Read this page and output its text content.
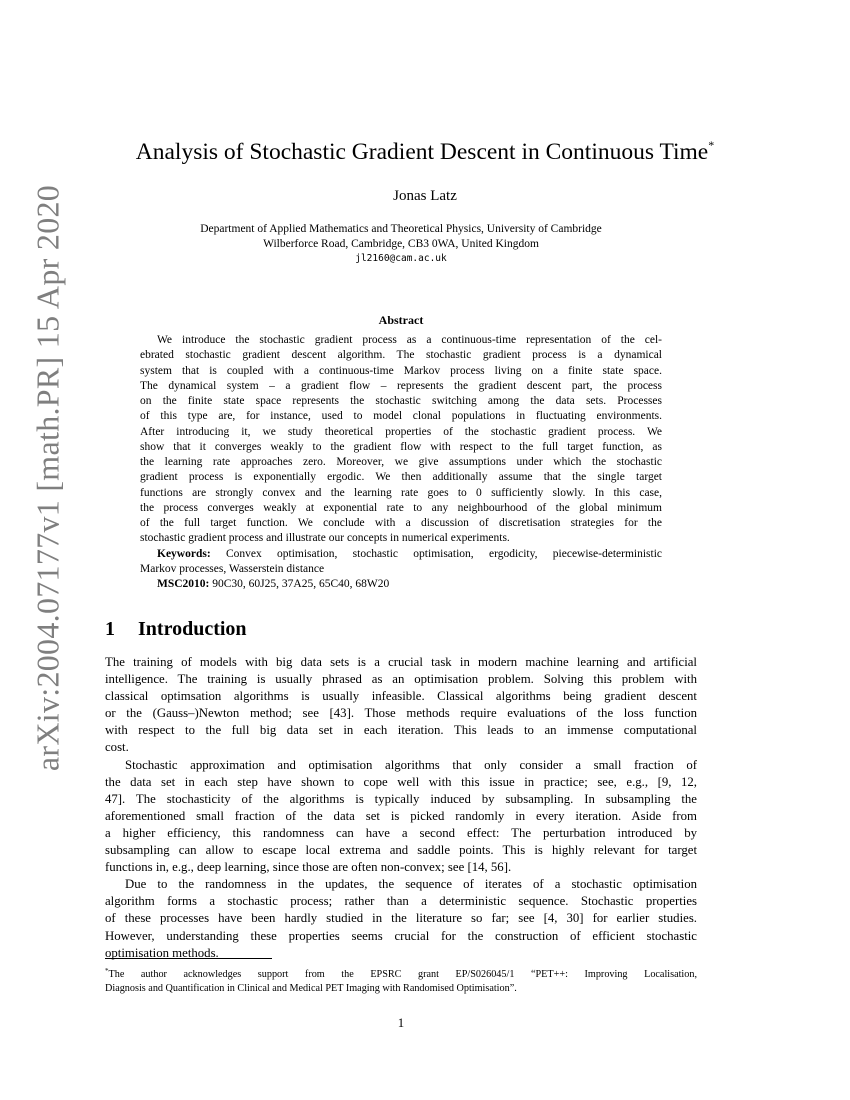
arXiv:2004.07177v1 [math.PR] 15 Apr 2020
Analysis of Stochastic Gradient Descent in Continuous Time*
Jonas Latz
Department of Applied Mathematics and Theoretical Physics, University of Cambridge
Wilberforce Road, Cambridge, CB3 0WA, United Kingdom
jl2160@cam.ac.uk
Abstract
We introduce the stochastic gradient process as a continuous-time representation of the cel-
ebrated stochastic gradient descent algorithm. The stochastic gradient process is a dynamical
system that is coupled with a continuous-time Markov process living on a finite state space.
The dynamical system – a gradient flow – represents the gradient descent part, the process
on the finite state space represents the stochastic switching among the data sets. Processes
of this type are, for instance, used to model clonal populations in fluctuating environments.
After introducing it, we study theoretical properties of the stochastic gradient process. We
show that it converges weakly to the gradient flow with respect to the full target function, as
the learning rate approaches zero. Moreover, we give assumptions under which the stochastic
gradient process is exponentially ergodic. We then additionally assume that the single target
functions are strongly convex and the learning rate goes to 0 sufficiently slowly. In this case,
the process converges weakly at exponential rate to any neighbourhood of the global minimum
of the full target function. We conclude with a discussion of discretisation strategies for the
stochastic gradient process and illustrate our concepts in numerical experiments.
Keywords: Convex optimisation, stochastic optimisation, ergodicity, piecewise-deterministic
Markov processes, Wasserstein distance
MSC2010: 90C30, 60J25, 37A25, 65C40, 68W20
1 Introduction
The training of models with big data sets is a crucial task in modern machine learning and artificial
intelligence. The training is usually phrased as an optimisation problem. Solving this problem with
classical optimsation algorithms is usually infeasible. Classical algorithms being gradient descent
or the (Gauss–)Newton method; see [43]. Those methods require evaluations of the loss function
with respect to the full big data set in each iteration. This leads to an immense computational
cost.
Stochastic approximation and optimisation algorithms that only consider a small fraction of
the data set in each step have shown to cope well with this issue in practice; see, e.g., [9, 12,
47]. The stochasticity of the algorithms is typically induced by subsampling. In subsampling the
aforementioned small fraction of the data set is picked randomly in every iteration. Aside from
a higher efficiency, this randomness can have a second effect: The perturbation introduced by
subsampling can allow to escape local extrema and saddle points. This is highly relevant for target
functions in, e.g., deep learning, since those are often non-convex; see [14, 56].
Due to the randomness in the updates, the sequence of iterates of a stochastic optimisation
algorithm forms a stochastic process; rather than a deterministic sequence. Stochastic properties
of these processes have been hardly studied in the literature so far; see [4, 30] for earlier studies.
However, understanding these properties seems crucial for the construction of efficient stochastic
optimisation methods.
*The author acknowledges support from the EPSRC grant EP/S026045/1 “PET++: Improving Localisation,
Diagnosis and Quantification in Clinical and Medical PET Imaging with Randomised Optimisation”.
1
